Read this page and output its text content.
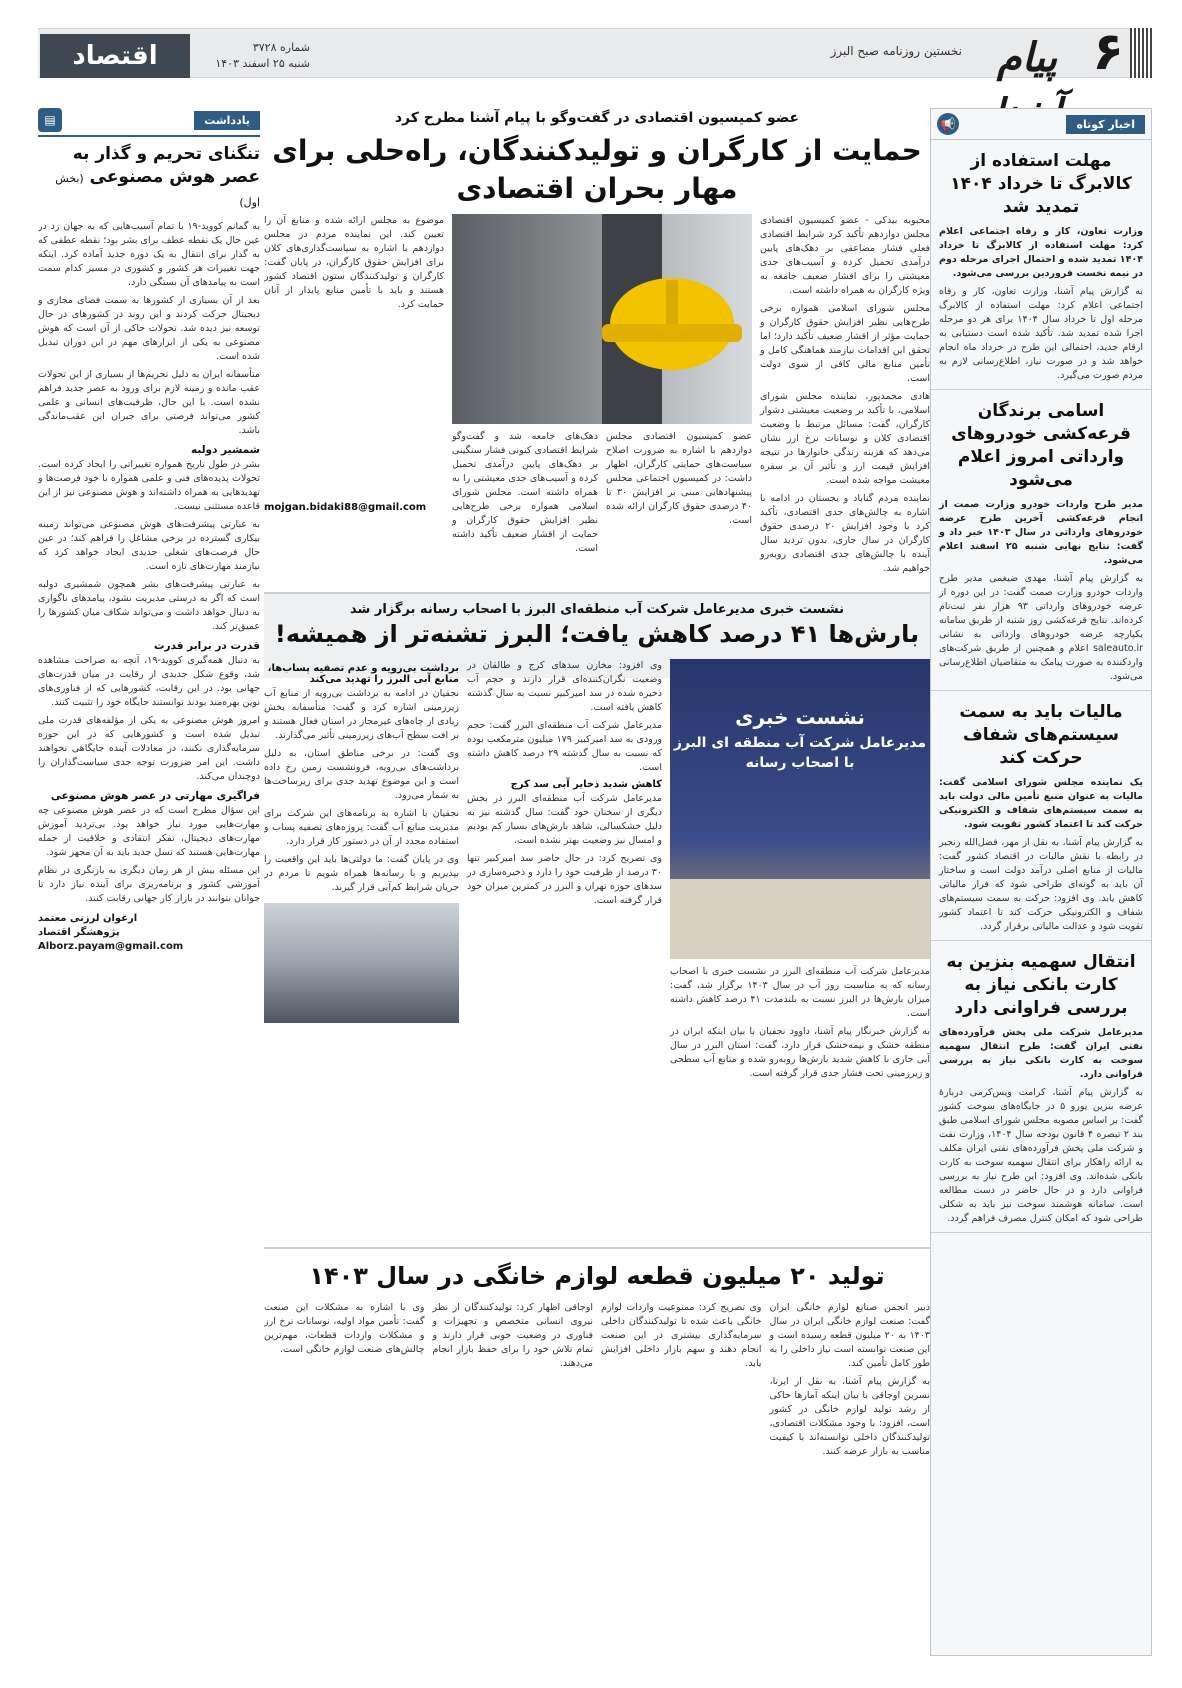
۶
پیام
نخستین روزنامه صبح البرز
شماره ۳۷۲۸
شنبه ۲۵ اسفند ۱۴۰۳
اقتصاد
اخبار کوتاه
📢
مهلت استفاده از کالابرگ تا خرداد ۱۴۰۴ تمدید شد
وزارت تعاون، کار و رفاه اجتماعی اعلام کرد: مهلت استفاده از کالابرگ تا خرداد ۱۴۰۴ تمدید شده و احتمال اجرای مرحله دوم در نیمه نخست فروردین بررسی می‌شود.

به گزارش پیام آشنا، وزارت تعاون، کار و رفاه اجتماعی اعلام کرد: مهلت استفاده از کالابرگ مرحله اول تا خرداد سال ۱۴۰۴ برای هر دو مرحله اجرا شده تمدید شد. تأکید شده است دستیابی به ارقام جدید، احتمالی این طرح در خرداد ماه انجام خواهد شد و در صورت نیاز، اطلاع‌رسانی لازم به مردم صورت می‌گیرد.

اسامی برندگان قرعه‌کشی خودروهای وارداتی امروز اعلام می‌شود
مدیر طرح واردات خودرو وزارت صمت از انجام قرعه‌کشی آخرین طرح عرضه خودروهای وارداتی در سال ۱۴۰۳ خبر داد و گفت: نتایج نهایی شنبه ۲۵ اسفند اعلام می‌شود.

به گزارش پیام آشنا، مهدی ضیغمی مدیر طرح واردات خودرو وزارت صمت گفت: در این دوره از عرضه خودروهای وارداتی ۹۳ هزار نفر ثبت‌نام کرده‌اند. نتایج قرعه‌کشی روز شنبه از طریق سامانه یکپارچه عرضه خودروهای وارداتی به نشانی saleauto.ir اعلام و همچنین از طریق شرکت‌های واردکننده به صورت پیامک به متقاضیان اطلاع‌رسانی می‌شود.

مالیات باید به سمت سیستم‌های شفاف حرکت کند
یک نماینده مجلس شورای اسلامی گفت: مالیات به عنوان منبع تأمین مالی دولت باید به سمت سیستم‌های شفاف و الکترونیکی حرکت کند تا اعتماد کشور تقویت شود.

به گزارش پیام آشنا، به نقل از مهر، فضل‌الله رنجبر در رابطه با نقش مالیات در اقتصاد کشور گفت: مالیات از منابع اصلی درآمد دولت است و ساختار آن باید به گونه‌ای طراحی شود که فرار مالیاتی کاهش یابد. وی افزود: حرکت به سمت سیستم‌های شفاف و الکترونیکی حرکت کند تا اعتماد کشور تقویت شود و عدالت مالیاتی برقرار گردد.

انتقال سهمیه بنزین به کارت بانکی نیاز به بررسی فراوانی دارد
مدیرعامل شرکت ملی پخش فرآورده‌های نفتی ایران گفت: طرح انتقال سهمیه سوخت به کارت بانکی نیاز به بررسی فراوانی دارد.

به گزارش پیام آشنا، کرامت ویس‌کرمی دربارهٔ عرضه بنزین یورو ۵ در جایگاه‌های سوخت کشور گفت: بر اساس مصوبه مجلس شورای اسلامی طبق بند ۲ تبصره ۴ قانون بودجه سال ۱۴۰۴، وزارت نفت و شرکت ملی پخش فرآورده‌های نفتی ایران مکلف به ارائه راهکار برای انتقال سهمیه سوخت به کارت بانکی شده‌اند. وی افزود: این طرح نیاز به بررسی فراوانی دارد و در حال حاضر در دست مطالعه است. سامانه هوشمند سوخت نیز باید به شکلی طراحی شود که امکان کنترل مصرف فراهم گردد.

یادداشت
▤
تنگنای تحریم و گذار به عصر هوش مصنوعی (بخش اول)

به گمانم کووید-۱۹ با تمام آسیب‌هایی که به جهان زد در عین حال یک نقطه عطف برای بشر بود؛ نقطه عطفی که به گذار برای انتقال به یک دوره جدید آماده کرد. اینکه جهت تغییرات هر کشور و کشوری در مسیر کدام سمت است به پیامدهای آن بستگی دارد.

بعد از آن بسیاری از کشورها به سمت فضای مجازی و دیجیتال حرکت کردند و این روند در کشورهای در حال توسعه نیز دیده شد. تحولات حاکی از آن است که هوش مصنوعی به یکی از ابزارهای مهم در این دوران تبدیل شده است.

متأسفانه ایران به دلیل تحریم‌ها از بسیاری از این تحولات عقب مانده و زمینه لازم برای ورود به عصر جدید فراهم نشده است. با این حال، ظرفیت‌های انسانی و علمی کشور می‌تواند فرصتی برای جبران این عقب‌ماندگی باشد.

شمشیر دولبه

بشر در طول تاریخ همواره تغییراتی را ایجاد کرده است. تحولات پدیده‌های فنی و علمی همواره با خود فرصت‌ها و تهدیدهایی به همراه داشته‌اند و هوش مصنوعی نیز از این قاعده مستثنی نیست.

به عبارتی پیشرفت‌های هوش مصنوعی می‌تواند زمینه بیکاری گسترده در برخی مشاغل را فراهم کند؛ در عین حال فرصت‌های شغلی جدیدی ایجاد خواهد کرد که نیازمند مهارت‌های تازه است.

به عبارتی پیشرفت‌های بشر همچون شمشیری دولبه است که اگر به درستی مدیریت نشود، پیامدهای ناگواری به دنبال خواهد داشت و می‌تواند شکاف میان کشورها را عمیق‌تر کند.

قدرت در برابر قدرت

به دنبال همه‌گیری کووید-۱۹، آنچه به صراحت مشاهده شد، وقوع شکل جدیدی از رقابت در میان قدرت‌های جهانی بود. در این رقابت، کشورهایی که از فناوری‌های نوین بهره‌مند بودند توانستند جایگاه خود را تثبیت کنند.

امروز هوش مصنوعی به یکی از مؤلفه‌های قدرت ملی تبدیل شده است و کشورهایی که در این حوزه سرمایه‌گذاری نکنند، در معادلات آینده جایگاهی نخواهند داشت. این امر ضرورت توجه جدی سیاست‌گذاران را دوچندان می‌کند.

فراگیری مهارتی در عصر هوش مصنوعی

این سؤال مطرح است که در عصر هوش مصنوعی چه مهارت‌هایی مورد نیاز خواهد بود. بی‌تردید آموزش مهارت‌های دیجیتال، تفکر انتقادی و خلاقیت از جمله مهارت‌هایی هستند که نسل جدید باید به آن مجهز شود.

این مسئله بیش از هر زمان دیگری به بازنگری در نظام آموزشی کشور و برنامه‌ریزی برای آینده نیاز دارد تا جوانان بتوانند در بازار کار جهانی رقابت کنند.

ارغوان لرزنی معتمد
پژوهشگر اقتصاد
Alborz.payam@gmail.com
عضو کمیسیون اقتصادی در گفت‌وگو با پیام آشنا مطرح کرد
حمایت از کارگران و تولیدکنندگان، راه‌حلی برای مهار بحران اقتصادی

محبوبه بیدکی - عضو کمیسیون اقتصادی مجلس دوازدهم تأکید کرد شرایط اقتصادی فعلی فشار مضاعفی بر دهک‌های پایین درآمدی تحمیل کرده و آسیب‌های جدی معیشتی را برای اقشار ضعیف جامعه به ویژه کارگران به همراه داشته است.

مجلس شورای اسلامی همواره برخی طرح‌هایی نظیر افزایش حقوق کارگران و حمایت مؤثر از اقشار ضعیف تأکید دارد؛ اما تحقق این اقدامات نیازمند هماهنگی کامل و تأمین منابع مالی کافی از سوی دولت است.

هادی محمدپور، نماینده مجلس شورای اسلامی، با تأکید بر وضعیت معیشتی دشوار کارگران، گفت: مسائل مرتبط با وضعیت اقتصادی کلان و نوسانات نرخ ارز نشان می‌دهد که هزینه زندگی خانوارها در نتیجه افزایش قیمت ارز و تأثیر آن بر سفره معیشت مواجه شده است.

نماینده مردم گناباد و بجستان در ادامه با اشاره به چالش‌های جدی اقتصادی، تأکید کرد با وجود افزایش ۲۰ درصدی حقوق کارگران در سال جاری، بدون تردید سال آینده با چالش‌های جدی اقتصادی روبه‌رو خواهیم شد.

عضو کمیسیون اقتصادی مجلس دوازدهم با اشاره به ضرورت اصلاح سیاست‌های حمایتی کارگران، اظهار داشت: در کمیسیون اجتماعی مجلس پیشنهادهایی مبنی بر افزایش ۳۰ تا ۴۰ درصدی حقوق کارگران ارائه شده است.

دهک‌های جامعه شد و گفت‌وگو شرایط اقتصادی کنونی فشار سنگینی بر دهک‌های پایین درآمدی تحمیل کرده و آسیب‌های جدی معیشتی را به همراه داشته است. مجلس شورای اسلامی همواره برخی طرح‌هایی نظیر افزایش حقوق کارگران و حمایت از اقشار ضعیف تأکید داشته است.

موضوع به مجلس ارائه شده و منابع آن را تعیین کند. این نماینده مردم در مجلس دوازدهم با اشاره به سیاست‌گذاری‌های کلان برای افزایش حقوق کارگران، در پایان گفت: کارگران و تولیدکنندگان ستون اقتصاد کشور هستند و باید با تأمین منابع پایدار از آنان حمایت کرد.

mojgan.bidaki88@gmail.com
نشست خبری مدیرعامل شرکت آب منطقه‌ای البرز با اصحاب رسانه برگزار شد
بارش‌ها ۴۱ درصد کاهش یافت؛ البرز تشنه‌تر از همیشه!
نشست خبری
مدیرعامل شرکت آب منطقه ای البرز
با اصحاب رسانه

مدیرعامل شرکت آب منطقه‌ای البرز در نشست خبری با اصحاب رسانه که به مناسبت روز آب در سال ۱۴۰۳ برگزار شد، گفت: میزان بارش‌ها در البرز نسبت به بلندمدت ۴۱ درصد کاهش داشته است.

به گزارش خبرنگار پیام آشنا، داوود نجفیان با بیان اینکه ایران در منطقه خشک و نیمه‌خشک قرار دارد، گفت: استان البرز در سال آبی جاری با کاهش شدید بارش‌ها روبه‌رو شده و منابع آب سطحی و زیرزمینی تحت فشار جدی قرار گرفته است.

وی افزود: مخازن سدهای کرج و طالقان در وضعیت نگران‌کننده‌ای قرار دارند و حجم آب ذخیره شده در سد امیرکبیر نسبت به سال گذشته کاهش یافته است.

مدیرعامل شرکت آب منطقه‌ای البرز گفت: حجم ورودی به سد امیرکبیر ۱۷۹ میلیون مترمکعب بوده که نسبت به سال گذشته ۲۹ درصد کاهش داشته است.

کاهش شدید ذخایر آبی سد کرج

مدیرعامل شرکت آب منطقه‌ای البرز در بخش دیگری از سخنان خود گفت: سال گذشته نیز به دلیل خشکسالی، شاهد بارش‌های بسیار کم بودیم و امسال نیز وضعیت بهتر نشده است.

وی تصریح کرد: در حال حاضر سد امیرکبیر تنها ۳۰ درصد از ظرفیت خود را دارد و ذخیره‌سازی در سدهای حوزه تهران و البرز در کمترین میزان خود قرار گرفته است.

برداشت بی‌رویه و عدم تصفیه پساب‌ها، منابع آبی البرز را تهدید می‌کند

نجفیان در ادامه به برداشت بی‌رویه از منابع آب زیرزمینی اشاره کرد و گفت: متأسفانه بخش زیادی از چاه‌های غیرمجاز در استان فعال هستند و بر افت سطح آب‌های زیرزمینی تأثیر می‌گذارند.

وی گفت: در برخی مناطق استان، به دلیل برداشت‌های بی‌رویه، فرونشست زمین رخ داده است و این موضوع تهدید جدی برای زیرساخت‌ها به شمار می‌رود.

نجفیان با اشاره به برنامه‌های این شرکت برای مدیریت منابع آب گفت: پروژه‌های تصفیه پساب و استفاده مجدد از آن در دستور کار قرار دارد.

وی در پایان گفت: ما دولتی‌ها باید این واقعیت را بپذیریم و با رسانه‌ها همراه شویم تا مردم در جریان شرایط کم‌آبی قرار گیرند.

تولید ۲۰ میلیون قطعه لوازم خانگی در سال ۱۴۰۳

دبیر انجمن صنایع لوازم خانگی ایران گفت: صنعت لوازم خانگی ایران در سال ۱۴۰۳ به ۲۰ میلیون قطعه رسیده است و این صنعت توانسته است نیاز داخلی را به طور کامل تأمین کند.

به گزارش پیام آشنا، به نقل از ایرنا، نسرین اوجاقی با بیان اینکه آمارها حاکی از رشد تولید لوازم خانگی در کشور است، افزود: با وجود مشکلات اقتصادی، تولیدکنندگان داخلی توانسته‌اند با کیفیت مناسب به بازار عرضه کنند.

وی تصریح کرد: ممنوعیت واردات لوازم خانگی باعث شده تا تولیدکنندگان داخلی سرمایه‌گذاری بیشتری در این صنعت انجام دهند و سهم بازار داخلی افزایش یابد.

اوجاقی اظهار کرد: تولیدکنندگان از نظر نیروی انسانی متخصص و تجهیزات و فناوری در وضعیت خوبی قرار دارند و تمام تلاش خود را برای حفظ بازار انجام می‌دهند.

وی با اشاره به مشکلات این صنعت گفت: تأمین مواد اولیه، نوسانات نرخ ارز و مشکلات واردات قطعات، مهم‌ترین چالش‌های صنعت لوازم خانگی است.
